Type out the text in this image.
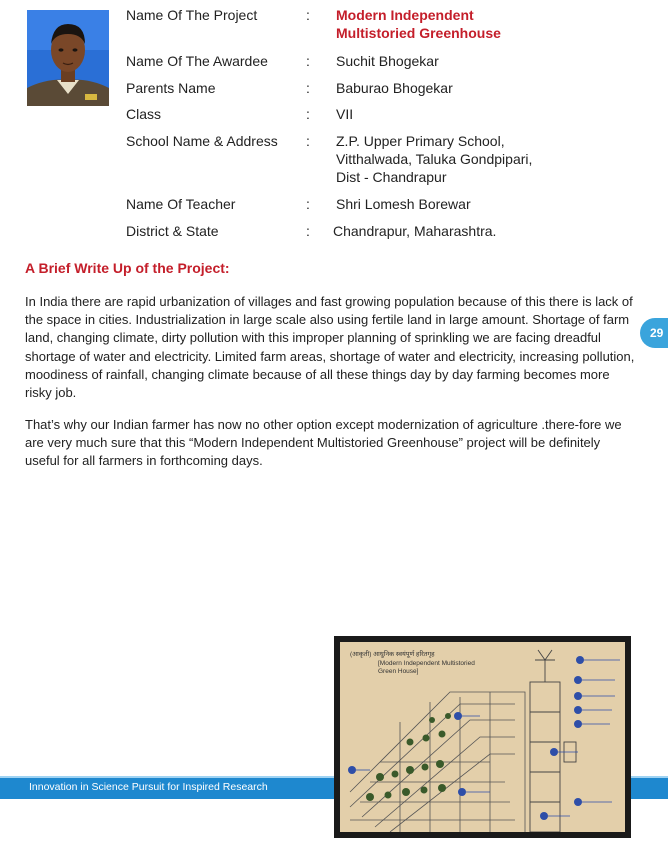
Name Of The Project	: Modern Independent
Multistoried Greenhouse
Name Of The Awardee	: Suchit Bhogekar
Parents Name	: Baburao Bhogekar
Class	: VII
School Name & Address : Z.P. Upper Primary School,
Vitthalwada, Taluka Gondpipari,
Dist - Chandrapur
Name Of Teacher	: Shri Lomesh Borewar
District & State	: Chandrapur, Maharashtra.
A Brief Write Up of the Project:

In India there are rapid urbanization of villages and fast growing population because of this there is lack of the space in cities. Industrialization in large scale also using fertile land in large amount. Shortage of farm land, changing climate, dirty pollution with this improper planning of sprinkling we are facing dreadful shortage of water and electricity. Limited farm areas, shortage of water and electricity, increasing pollution, moodiness of rainfall, changing climate because of all these things day by day farming becomes more risky job.

That’s why our Indian farmer has now no other option except modernization of agriculture .there-fore we are very much sure that this “Modern Independent Multistoried Greenhouse” project will be definitely useful for all farmers in forthcoming days.

29
Innovation in Science Pursuit for Inspired Research
(आकृती) आधुनिक स्वयंपूर्ण हरितगृह
[Modern Independent Multistoried
Green House]
